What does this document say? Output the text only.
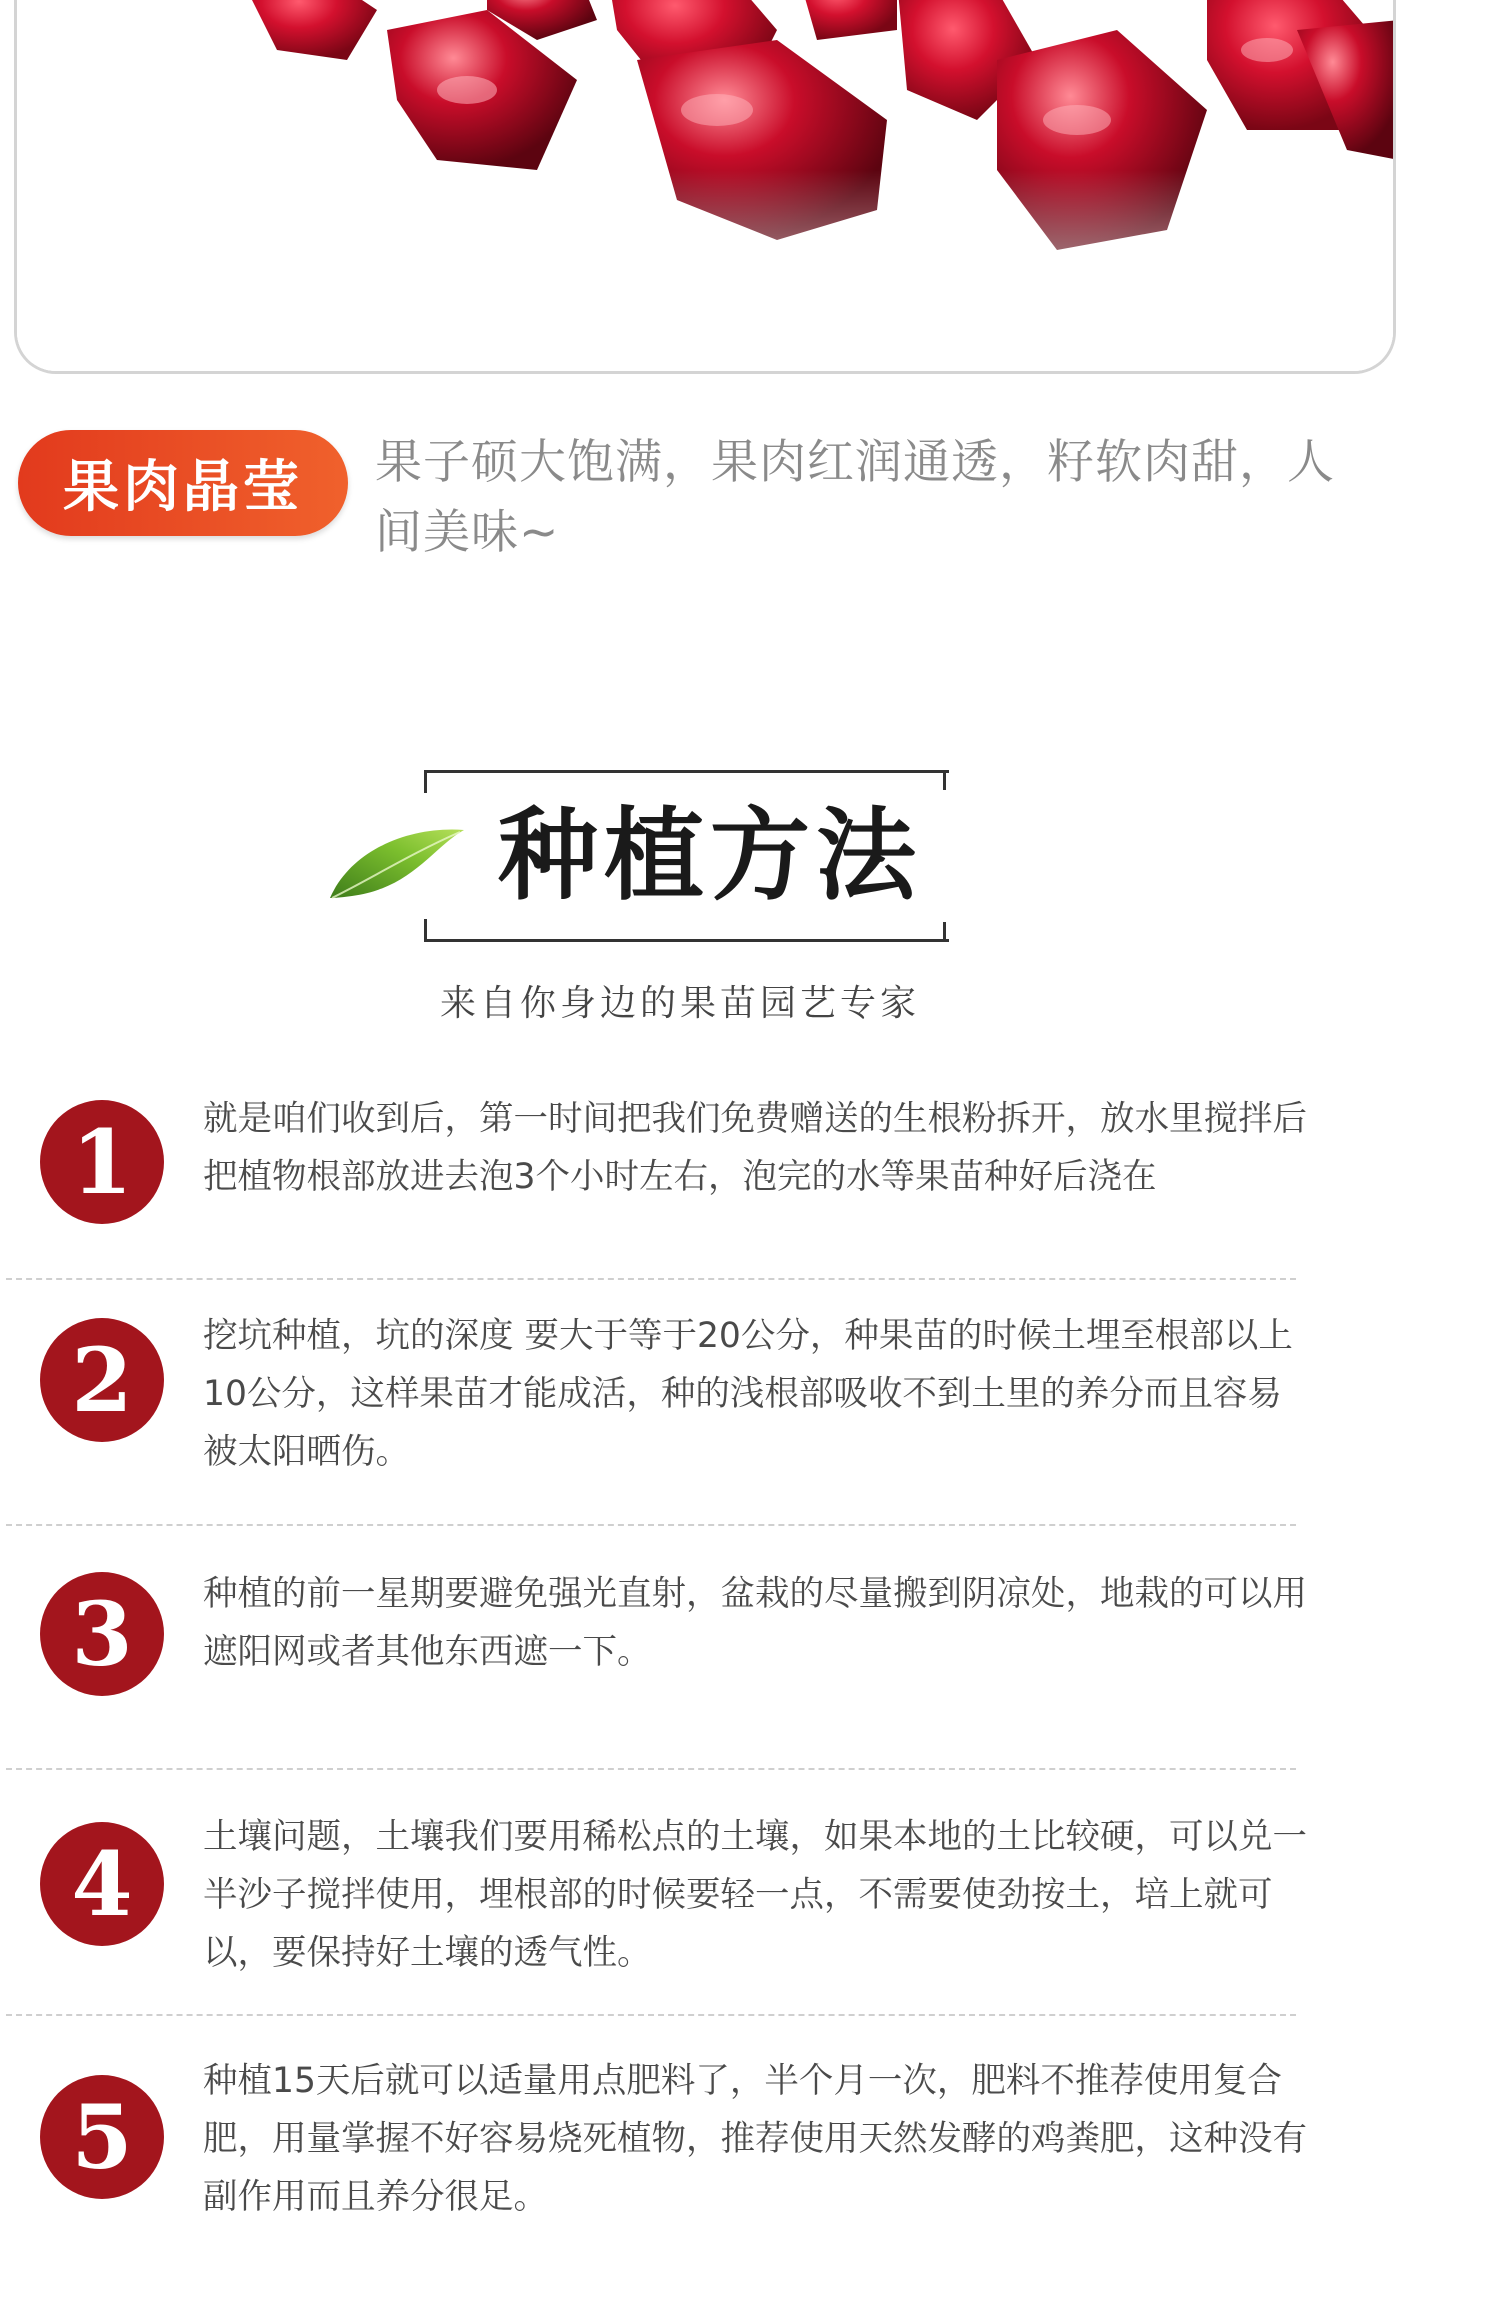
果肉晶莹 果子硕大饱满，果肉红润通透，籽软肉甜，人间美味~
种植方法
来自你身边的果苗园艺专家
1	就是咱们收到后，第一时间把我们免费赠送的生根粉拆开，放水里搅拌后把植物根部放进去泡3个小时左右，泡完的水等果苗种好后浇在
2	挖坑种植，坑的深度 要大于等于20公分，种果苗的时候土埋至根部以上10公分，这样果苗才能成活，种的浅根部吸收不到土里的养分而且容易被太阳晒伤。
3	种植的前一星期要避免强光直射，盆栽的尽量搬到阴凉处，地栽的可以用遮阳网或者其他东西遮一下。
4	土壤问题，土壤我们要用稀松点的土壤，如果本地的土比较硬，可以兑一半沙子搅拌使用，埋根部的时候要轻一点，不需要使劲按土，培上就可以，要保持好土壤的透气性。
5
种植15天后就可以适量用点肥料了，半个月一次，肥料不推荐使用复合肥，用量掌握不好容易烧死植物，推荐使用天然发酵的鸡粪肥，这种没有副作用而且养分很足。
